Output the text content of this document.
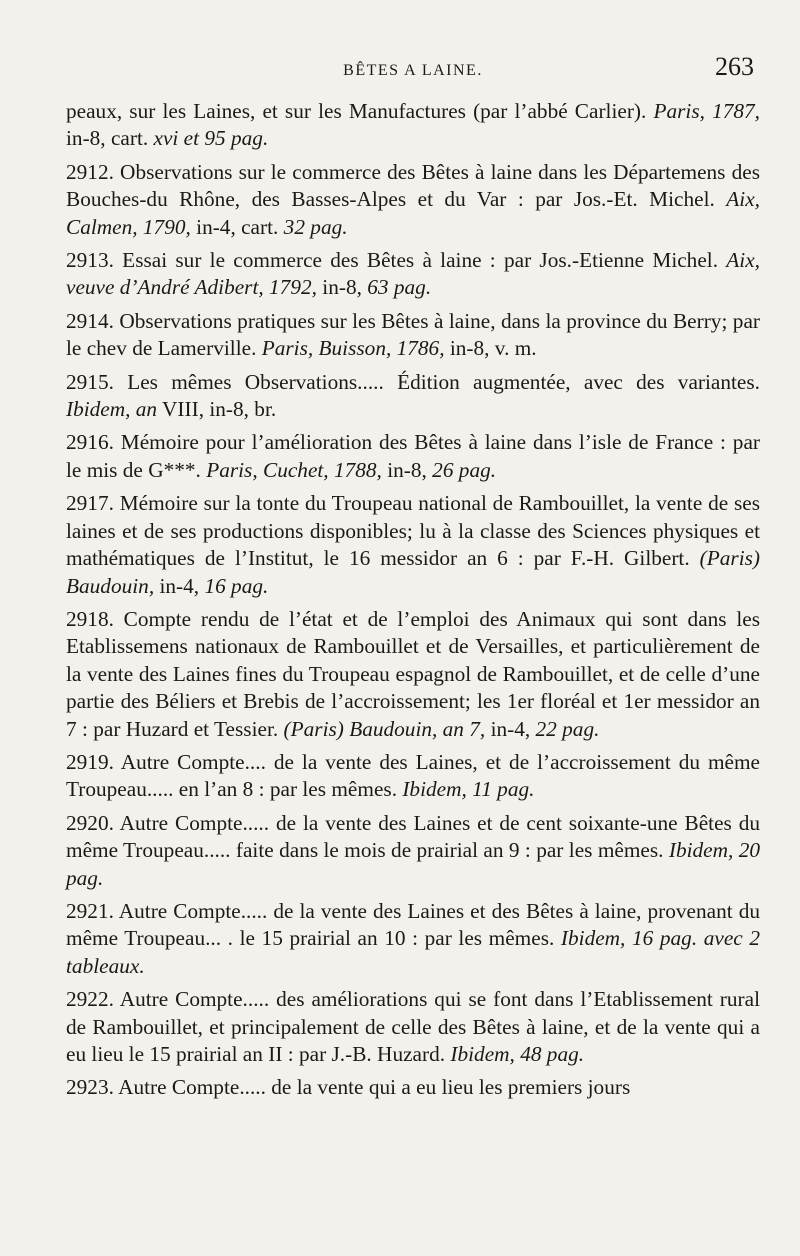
BÊTES A LAINE.	263
peaux, sur les Laines, et sur les Manufactures (par l’abbé Carlier). Paris, 1787, in-8, cart. xvi et 95 pag.
2912. Observations sur le commerce des Bêtes à laine dans les Départemens des Bouches-du Rhône, des Basses-Alpes et du Var : par Jos.-Et. Michel. Aix, Calmen, 1790, in-4, cart. 32 pag.
2913. Essai sur le commerce des Bêtes à laine : par Jos.-Etienne Michel. Aix, veuve d’André Adibert, 1792, in-8, 63 pag.
2914. Observations pratiques sur les Bêtes à laine, dans la province du Berry; par le chev de Lamerville. Paris, Buisson, 1786, in-8, v. m.
2915. Les mêmes Observations..... Édition augmentée, avec des variantes. Ibidem, an VIII, in-8, br.
2916. Mémoire pour l’amélioration des Bêtes à laine dans l’isle de France : par le mis de G***. Paris, Cuchet, 1788, in-8, 26 pag.
2917. Mémoire sur la tonte du Troupeau national de Rambouillet, la vente de ses laines et de ses productions disponibles; lu à la classe des Sciences physiques et mathématiques de l’Institut, le 16 messidor an 6 : par F.-H. Gilbert. (Paris) Baudouin, in-4, 16 pag.
2918. Compte rendu de l’état et de l’emploi des Animaux qui sont dans les Etablissemens nationaux de Rambouillet et de Versailles, et particulièrement de la vente des Laines fines du Troupeau espagnol de Rambouillet, et de celle d’une partie des Béliers et Brebis de l’accroissement; les 1er floréal et 1er messidor an 7 : par Huzard et Tessier. (Paris) Baudouin, an 7, in-4, 22 pag.
2919. Autre Compte.... de la vente des Laines, et de l’accroissement du même Troupeau..... en l’an 8 : par les mêmes. Ibidem, 11 pag.
2920. Autre Compte..... de la vente des Laines et de cent soixante-une Bêtes du même Troupeau..... faite dans le mois de prairial an 9 : par les mêmes. Ibidem, 20 pag.
2921. Autre Compte..... de la vente des Laines et des Bêtes à laine, provenant du même Troupeau... . le 15 prairial an 10 : par les mêmes. Ibidem, 16 pag. avec 2 tableaux.
2922. Autre Compte..... des améliorations qui se font dans l’Etablissement rural de Rambouillet, et principalement de celle des Bêtes à laine, et de la vente qui a eu lieu le 15 prairial an II : par J.-B. Huzard. Ibidem, 48 pag.
2923. Autre Compte..... de la vente qui a eu lieu les premiers jours
